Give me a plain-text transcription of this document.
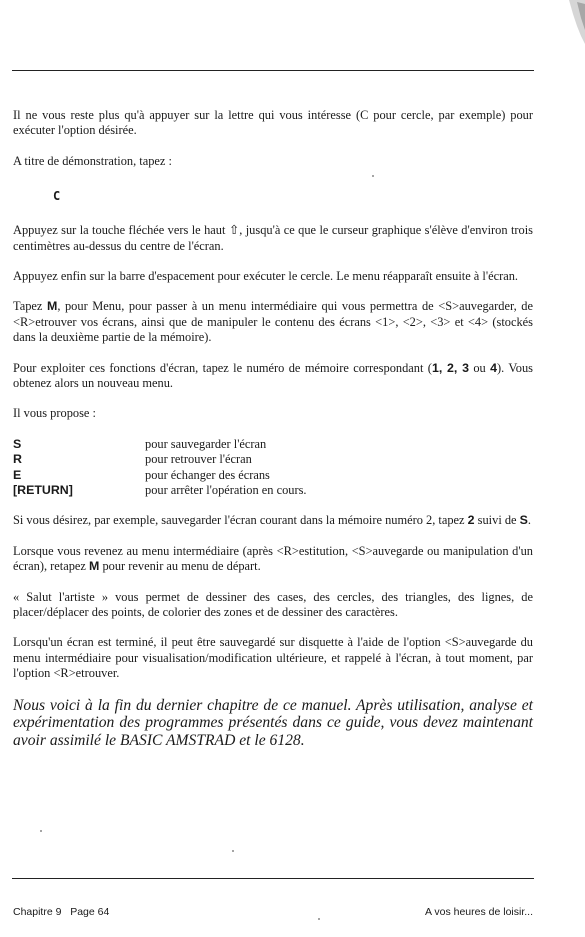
Il ne vous reste plus qu'à appuyer sur la lettre qui vous intéresse (C pour cercle, par exemple) pour exécuter l'option désirée.

A titre de démonstration, tapez :

C

Appuyez sur la touche fléchée vers le haut ⇧, jusqu'à ce que le curseur graphique s'élève d'environ trois centimètres au-dessus du centre de l'écran.

Appuyez enfin sur la barre d'espacement pour exécuter le cercle. Le menu réapparaît ensuite à l'écran.

Tapez M, pour Menu, pour passer à un menu intermédiaire qui vous permettra de <S>auvegarder, de <R>etrouver vos écrans, ainsi que de manipuler le contenu des écrans <1>, <2>, <3> et <4> (stockés dans la deuxième partie de la mémoire).

Pour exploiter ces fonctions d'écran, tapez le numéro de mémoire correspondant (1, 2, 3 ou 4). Vous obtenez alors un nouveau menu.

Il vous propose :

S	pour sauvegarder l'écran
R	pour retrouver l'écran
E	pour échanger des écrans
[RETURN]	pour arrêter l'opération en cours.

Si vous désirez, par exemple, sauvegarder l'écran courant dans la mémoire numéro 2, tapez 2 suivi de S.

Lorsque vous revenez au menu intermédiaire (après <R>estitution, <S>auvegarde ou manipulation d'un écran), retapez M pour revenir au menu de départ.

« Salut l'artiste » vous permet de dessiner des cases, des cercles, des triangles, des lignes, de placer/déplacer des points, de colorier des zones et de dessiner des caractères.

Lorsqu'un écran est terminé, il peut être sauvegardé sur disquette à l'aide de l'option <S>auvegarde du menu intermédiaire pour visualisation/modification ultérieure, et rappelé à l'écran, à tout moment, par l'option <R>etrouver.

Nous voici à la fin du dernier chapitre de ce manuel. Après utilisation, analyse et expérimentation des programmes présentés dans ce guide, vous devez maintenant avoir assimilé le BASIC AMSTRAD et le 6128.

Chapitre 9   Page 64	A vos heures de loisir...
